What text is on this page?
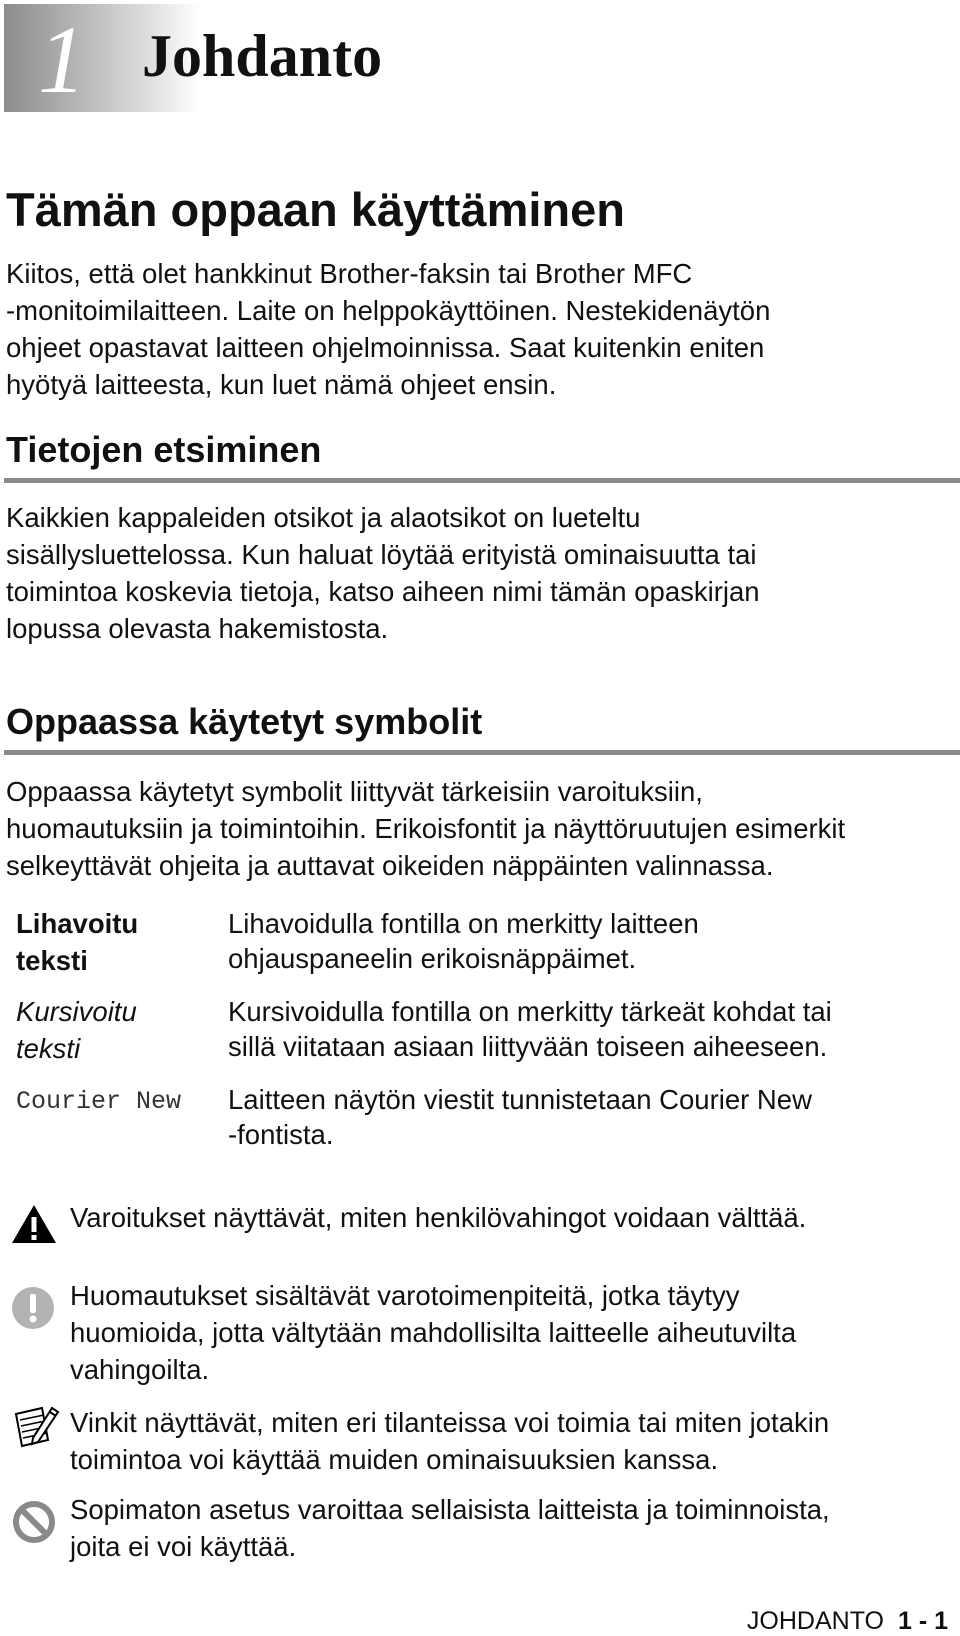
1 Johdanto
Tämän oppaan käyttäminen

Kiitos, että olet hankkinut Brother-faksin tai Brother MFC
-monitoimilaitteen. Laite on helppokäyttöinen. Nestekidenäytön
ohjeet opastavat laitteen ohjelmoinnissa. Saat kuitenkin eniten
hyötyä laitteesta, kun luet nämä ohjeet ensin.

Tietojen etsiminen

Kaikkien kappaleiden otsikot ja alaotsikot on lueteltu
sisällysluettelossa. Kun haluat löytää erityistä ominaisuutta tai
toimintoa koskevia tietoja, katso aiheen nimi tämän opaskirjan
lopussa olevasta hakemistosta.

Oppaassa käytetyt symbolit

Oppaassa käytetyt symbolit liittyvät tärkeisiin varoituksiin,
huomautuksiin ja toimintoihin. Erikoisfontit ja näyttöruutujen esimerkit
selkeyttävät ohjeita ja auttavat oikeiden näppäinten valinnassa.

Lihavoitu
teksti
Lihavoidulla fontilla on merkitty laitteen
ohjauspaneelin erikoisnäppäimet.
Kursivoitu
teksti
Kursivoidulla fontilla on merkitty tärkeät kohdat tai
sillä viitataan asiaan liittyvään toiseen aiheeseen.
Courier New	Laitteen näytön viestit tunnistetaan Courier New
-fontista.
Varoitukset näyttävät, miten henkilövahingot voidaan välttää.
Huomautukset sisältävät varotoimenpiteitä, jotka täytyy
huomioida, jotta vältytään mahdollisilta laitteelle aiheutuvilta
vahingoilta.
Vinkit näyttävät, miten eri tilanteissa voi toimia tai miten jotakin
toimintoa voi käyttää muiden ominaisuuksien kanssa.
Sopimaton asetus varoittaa sellaisista laitteista ja toiminnoista,
joita ei voi käyttää.
JOHDANTO 1 - 1
